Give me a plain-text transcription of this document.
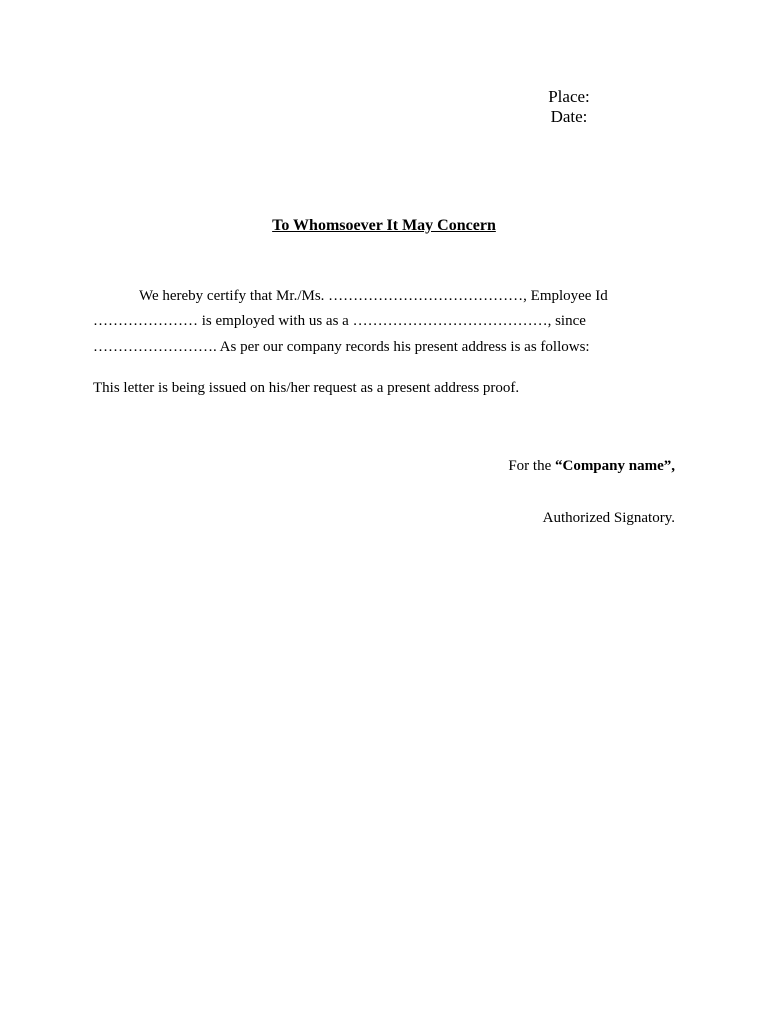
Place:
Date:
To Whomsoever It May Concern
We hereby certify that Mr./Ms. …………………………………, Employee Id
………………… is employed with us as a …………………………………, since
……………………. As per our company records his present address is as follows:
This letter is being issued on his/her request as a present address proof.
For the “Company name”,
Authorized Signatory.
